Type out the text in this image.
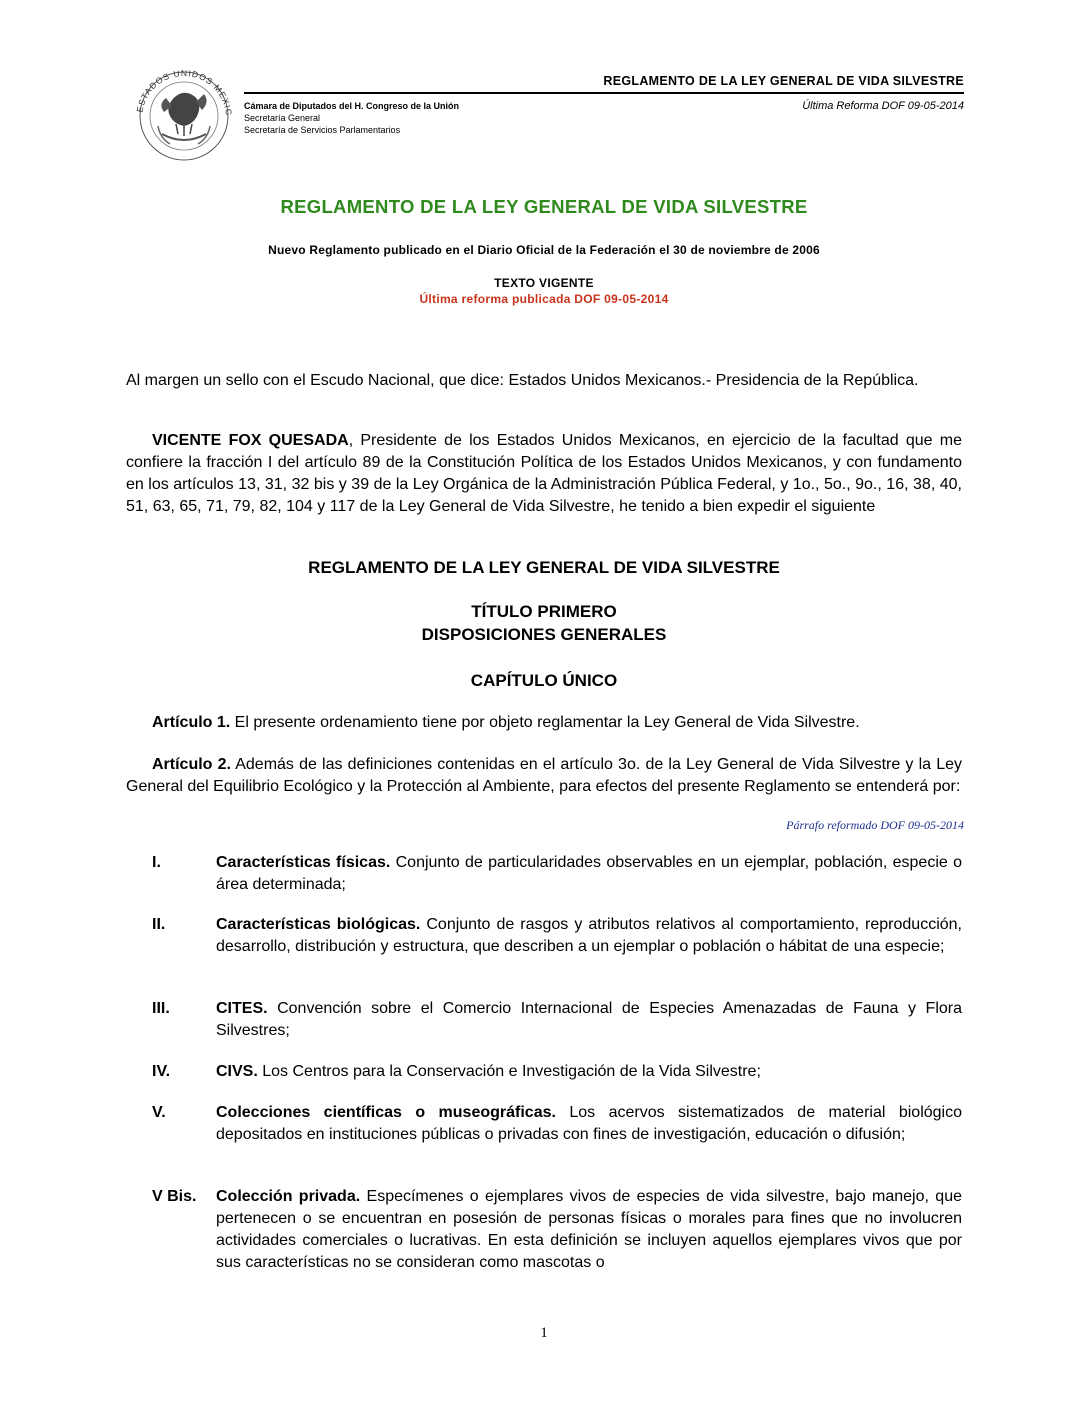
ESTADOS UNIDOS MEXIC
Cámara de Diputados del H. Congreso de la Unión
Secretaría General
Secretaría de Servicios Parlamentarios
REGLAMENTO DE LA LEY GENERAL DE VIDA SILVESTRE
Última Reforma DOF 09-05-2014
REGLAMENTO DE LA LEY GENERAL DE VIDA SILVESTRE
Nuevo Reglamento publicado en el Diario Oficial de la Federación el 30 de noviembre de 2006
TEXTO VIGENTE
Última reforma publicada DOF 09-05-2014
Al margen un sello con el Escudo Nacional, que dice: Estados Unidos Mexicanos.- Presidencia de la República.
VICENTE FOX QUESADA, Presidente de los Estados Unidos Mexicanos, en ejercicio de la facultad que me confiere la fracción I del artículo 89 de la Constitución Política de los Estados Unidos Mexicanos, y con fundamento en los artículos 13, 31, 32 bis y 39 de la Ley Orgánica de la Administración Pública Federal, y 1o., 5o., 9o., 16, 38, 40, 51, 63, 65, 71, 79, 82, 104 y 117 de la Ley General de Vida Silvestre, he tenido a bien expedir el siguiente
REGLAMENTO DE LA LEY GENERAL DE VIDA SILVESTRE
TÍTULO PRIMERO
DISPOSICIONES GENERALES
CAPÍTULO ÚNICO
Artículo 1. El presente ordenamiento tiene por objeto reglamentar la Ley General de Vida Silvestre.
Artículo 2. Además de las definiciones contenidas en el artículo 3o. de la Ley General de Vida Silvestre y la Ley General del Equilibrio Ecológico y la Protección al Ambiente, para efectos del presente Reglamento se entenderá por:
Párrafo reformado DOF 09-05-2014
I.	Características físicas. Conjunto de particularidades observables en un ejemplar, población, especie o área determinada;
II.	Características biológicas. Conjunto de rasgos y atributos relativos al comportamiento, reproducción, desarrollo, distribución y estructura, que describen a un ejemplar o población o hábitat de una especie;
III.	CITES. Convención sobre el Comercio Internacional de Especies Amenazadas de Fauna y Flora Silvestres;
IV.	CIVS. Los Centros para la Conservación e Investigación de la Vida Silvestre;
V.	Colecciones científicas o museográficas. Los acervos sistematizados de material biológico depositados en instituciones públicas o privadas con fines de investigación, educación o difusión;
V Bis.	Colección privada. Especímenes o ejemplares vivos de especies de vida silvestre, bajo manejo, que pertenecen o se encuentran en posesión de personas físicas o morales para fines que no involucren actividades comerciales o lucrativas. En esta definición se incluyen aquellos ejemplares vivos que por sus características no se consideran como mascotas o
1
